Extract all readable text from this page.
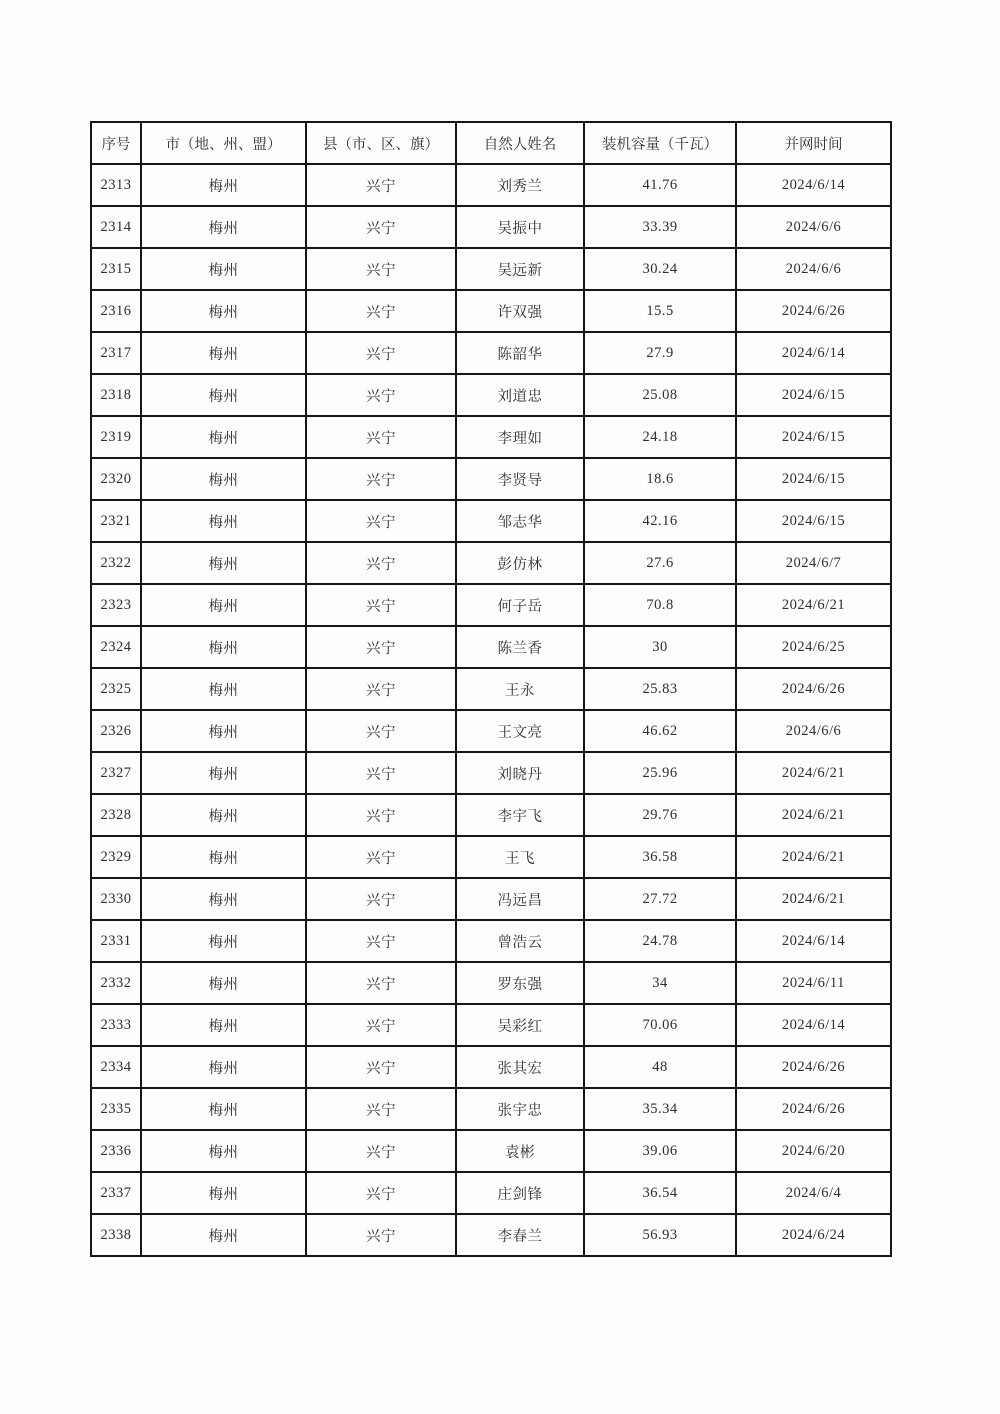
序号	市（地、州、盟）	县（市、区、旗）	自然人姓名	装机容量（千瓦）	并网时间
2313	梅州	兴宁	刘秀兰	41.76	2024/6/14
2314	梅州	兴宁	吴振中	33.39	2024/6/6
2315	梅州	兴宁	吴远新	30.24	2024/6/6
2316	梅州	兴宁	许双强	15.5	2024/6/26
2317	梅州	兴宁	陈韶华	27.9	2024/6/14
2318	梅州	兴宁	刘道忠	25.08	2024/6/15
2319	梅州	兴宁	李理如	24.18	2024/6/15
2320	梅州	兴宁	李贤导	18.6	2024/6/15
2321	梅州	兴宁	邹志华	42.16	2024/6/15
2322	梅州	兴宁	彭仿林	27.6	2024/6/7
2323	梅州	兴宁	何子岳	70.8	2024/6/21
2324	梅州	兴宁	陈兰香	30	2024/6/25
2325	梅州	兴宁	王永	25.83	2024/6/26
2326	梅州	兴宁	王文亮	46.62	2024/6/6
2327	梅州	兴宁	刘晓丹	25.96	2024/6/21
2328	梅州	兴宁	李宇飞	29.76	2024/6/21
2329	梅州	兴宁	王飞	36.58	2024/6/21
2330	梅州	兴宁	冯远昌	27.72	2024/6/21
2331	梅州	兴宁	曾浩云	24.78	2024/6/14
2332	梅州	兴宁	罗东强	34	2024/6/11
2333	梅州	兴宁	吴彩红	70.06	2024/6/14
2334	梅州	兴宁	张其宏	48	2024/6/26
2335	梅州	兴宁	张宇忠	35.34	2024/6/26
2336	梅州	兴宁	袁彬	39.06	2024/6/20
2337	梅州	兴宁	庄剑锋	36.54	2024/6/4
2338	梅州	兴宁	李春兰	56.93	2024/6/24
